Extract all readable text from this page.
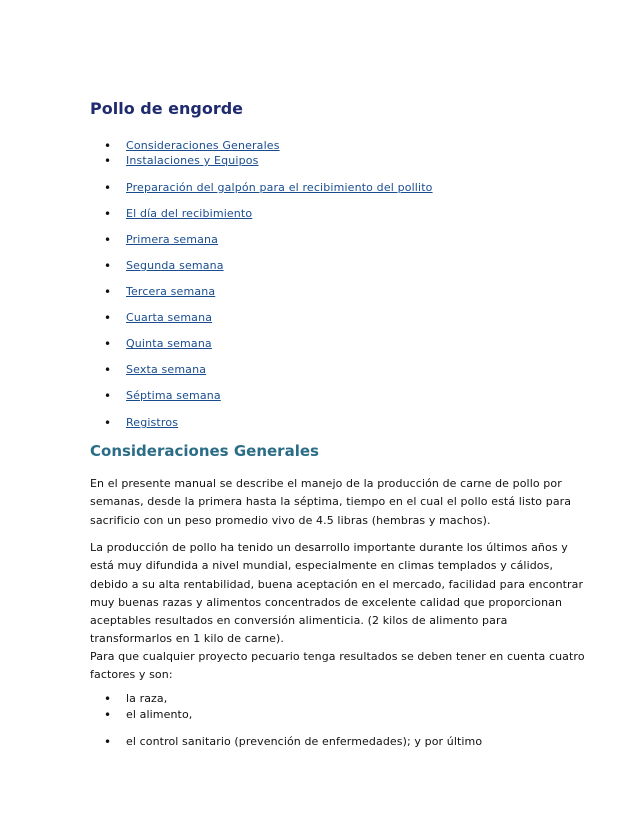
Pollo de engorde
• Consideraciones Generales
• Instalaciones y Equipos
• Preparación del galpón para el recibimiento del pollito
• El día del recibimiento
• Primera semana
• Segunda semana
• Tercera semana
• Cuarta semana
• Quinta semana
• Sexta semana
• Séptima semana
• Registros
Consideraciones Generales

En el presente manual se describe el manejo de la producción de carne de pollo por
semanas, desde la primera hasta la séptima, tiempo en el cual el pollo está listo para
sacrificio con un peso promedio vivo de 4.5 libras (hembras y machos).

La producción de pollo ha tenido un desarrollo importante durante los últimos años y
está muy difundida a nivel mundial, especialmente en climas templados y cálidos,
debido a su alta rentabilidad, buena aceptación en el mercado, facilidad para encontrar
muy buenas razas y alimentos concentrados de excelente calidad que proporcionan
aceptables resultados en conversión alimenticia. (2 kilos de alimento para
transformarlos en 1 kilo de carne).

Para que cualquier proyecto pecuario tenga resultados se deben tener en cuenta cuatro
factores y son:

• la raza,
• el alimento,
• el control sanitario (prevención de enfermedades); y por último
